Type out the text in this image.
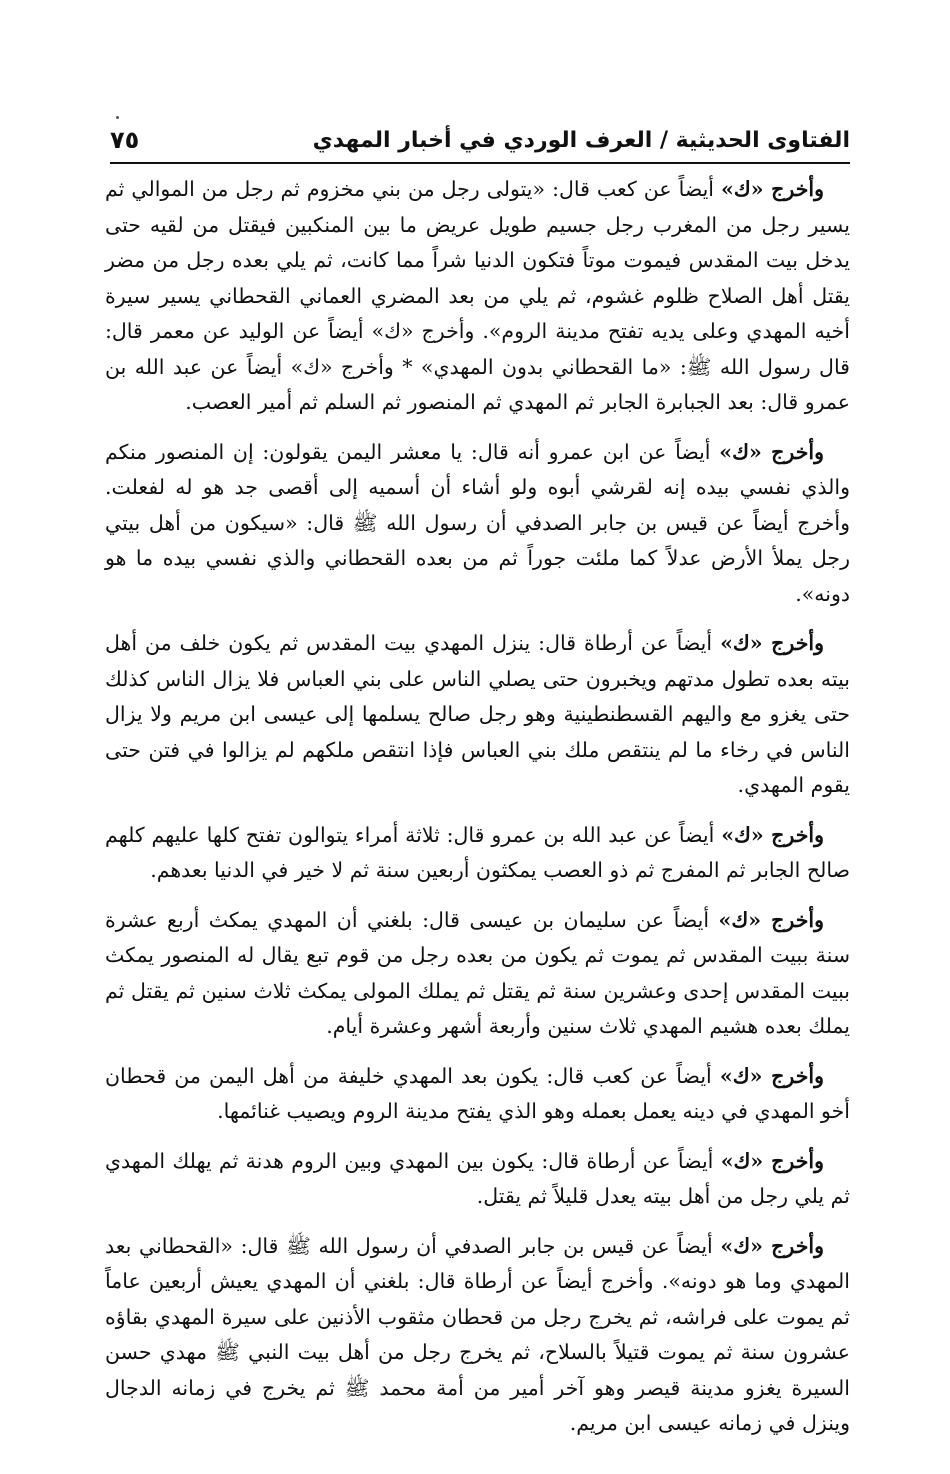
الفتاوى الحديثية / العرف الوردي في أخبار المهدي
٧٥

وأخرج «ك» أيضاً عن كعب قال: «يتولى رجل من بني مخزوم ثم رجل من الموالي ثم يسير رجل من المغرب رجل جسيم طويل عريض ما بين المنكبين فيقتل من لقيه حتى يدخل بيت المقدس فيموت موتاً فتكون الدنيا شراً مما كانت، ثم يلي بعده رجل من مضر يقتل أهل الصلاح ظلوم غشوم، ثم يلي من بعد المضري العماني القحطاني يسير سيرة أخيه المهدي وعلى يديه تفتح مدينة الروم». وأخرج «ك» أيضاً عن الوليد عن معمر قال: قال رسول الله ﷺ: «ما القحطاني بدون المهدي» * وأخرج «ك» أيضاً عن عبد الله بن عمرو قال: بعد الجبابرة الجابر ثم المهدي ثم المنصور ثم السلم ثم أمير العصب.

وأخرج «ك» أيضاً عن ابن عمرو أنه قال: يا معشر اليمن يقولون: إن المنصور منكم والذي نفسي بيده إنه لقرشي أبوه ولو أشاء أن أسميه إلى أقصى جد هو له لفعلت. وأخرج أيضاً عن قيس بن جابر الصدفي أن رسول الله ﷺ قال: «سيكون من أهل بيتي رجل يملأ الأرض عدلاً كما ملئت جوراً ثم من بعده القحطاني والذي نفسي بيده ما هو دونه».

وأخرج «ك» أيضاً عن أرطاة قال: ينزل المهدي بيت المقدس ثم يكون خلف من أهل بيته بعده تطول مدتهم ويخبرون حتى يصلي الناس على بني العباس فلا يزال الناس كذلك حتى يغزو مع واليهم القسطنطينية وهو رجل صالح يسلمها إلى عيسى ابن مريم ولا يزال الناس في رخاء ما لم ينتقص ملك بني العباس فإذا انتقص ملكهم لم يزالوا في فتن حتى يقوم المهدي.

وأخرج «ك» أيضاً عن عبد الله بن عمرو قال: ثلاثة أمراء يتوالون تفتح كلها عليهم كلهم صالح الجابر ثم المفرج ثم ذو العصب يمكثون أربعين سنة ثم لا خير في الدنيا بعدهم.

وأخرج «ك» أيضاً عن سليمان بن عيسى قال: بلغني أن المهدي يمكث أربع عشرة سنة ببيت المقدس ثم يموت ثم يكون من بعده رجل من قوم تبع يقال له المنصور يمكث ببيت المقدس إحدى وعشرين سنة ثم يقتل ثم يملك المولى يمكث ثلاث سنين ثم يقتل ثم يملك بعده هشيم المهدي ثلاث سنين وأربعة أشهر وعشرة أيام.

وأخرج «ك» أيضاً عن كعب قال: يكون بعد المهدي خليفة من أهل اليمن من قحطان أخو المهدي في دينه يعمل بعمله وهو الذي يفتح مدينة الروم ويصيب غنائمها.

وأخرج «ك» أيضاً عن أرطاة قال: يكون بين المهدي وبين الروم هدنة ثم يهلك المهدي ثم يلي رجل من أهل بيته يعدل قليلاً ثم يقتل.

وأخرج «ك» أيضاً عن قيس بن جابر الصدفي أن رسول الله ﷺ قال: «القحطاني بعد المهدي وما هو دونه». وأخرج أيضاً عن أرطاة قال: بلغني أن المهدي يعيش أربعين عاماً ثم يموت على فراشه، ثم يخرج رجل من قحطان مثقوب الأذنين على سيرة المهدي بقاؤه عشرون سنة ثم يموت قتيلاً بالسلاح، ثم يخرج رجل من أهل بيت النبي ﷺ مهدي حسن السيرة يغزو مدينة قيصر وهو آخر أمير من أمة محمد ﷺ ثم يخرج في زمانه الدجال وينزل في زمانه عيسى ابن مريم.
